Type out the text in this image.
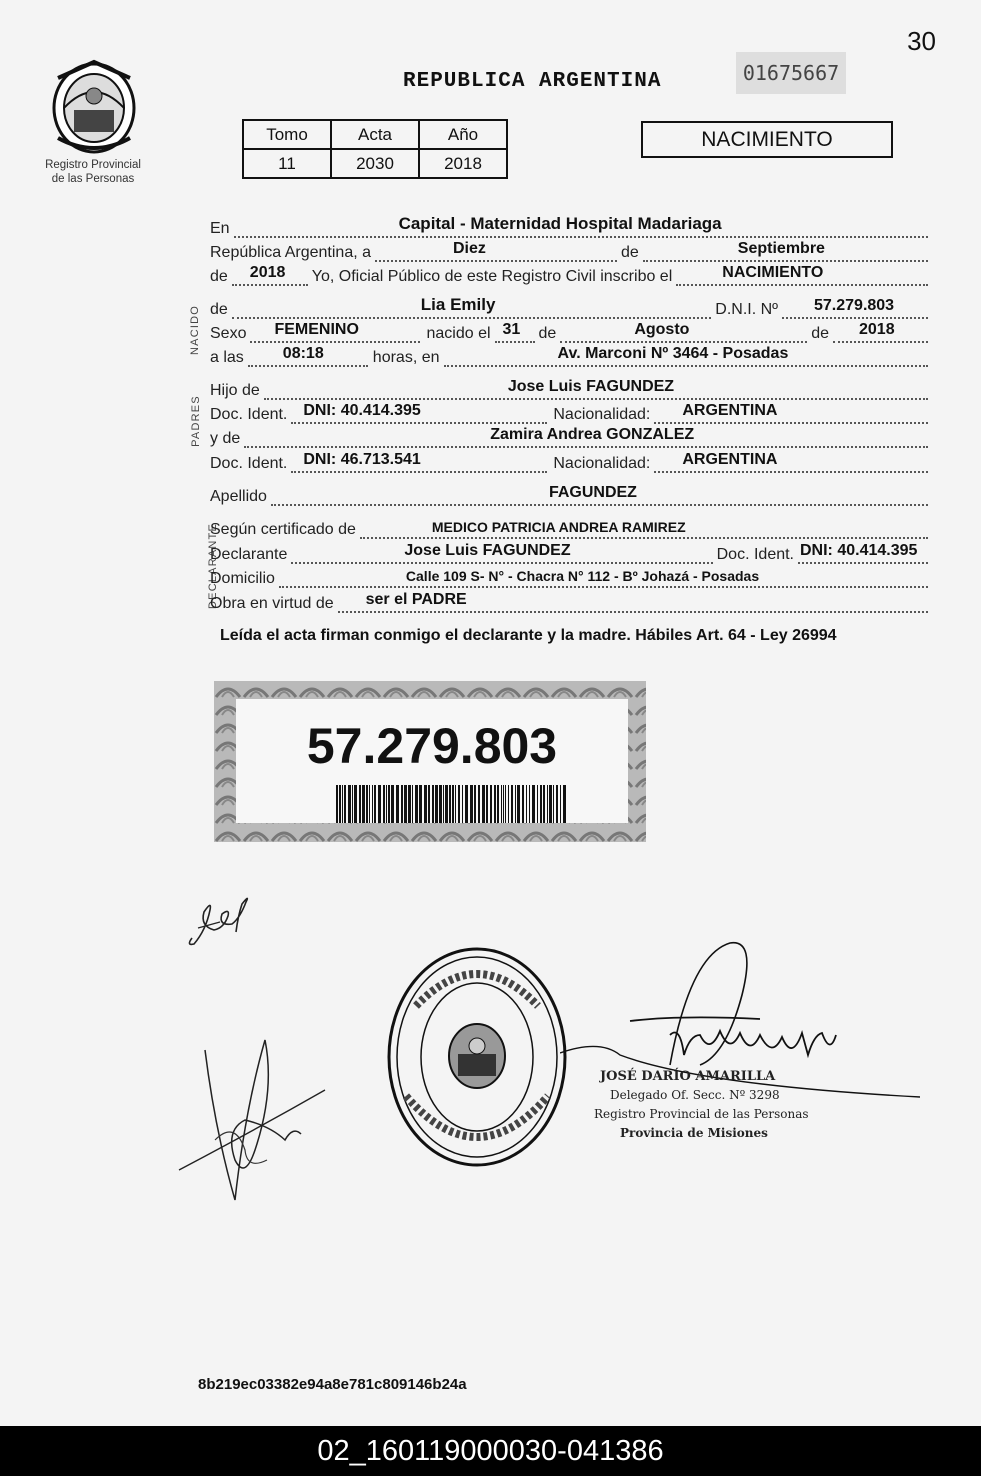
30
Registro Provincial
de las Personas
REPUBLICA ARGENTINA	01675667
Tomo	Acta	Año
11	2030	2018
NACIMIENTO
NACIDO
PADRES
DECLARANTE
En	Capital - Maternidad Hospital Madariaga
República Argentina, a	Diez	de	Septiembre
de 2018 Yo, Oficial Público de este Registro Civil inscribo el	NACIMIENTO
de	Lia Emily	D.N.I. Nº 57.279.803
Sexo FEMENINO	nacido el 31 de	Agosto	de 2018
a las 08:18	horas, en	Av. Marconi Nº 3464 - Posadas
Hijo de	Jose Luis FAGUNDEZ
Doc. Ident. DNI: 40.414.395	Nacionalidad: ARGENTINA
y de	Zamira Andrea GONZALEZ
Doc. Ident. DNI: 46.713.541	Nacionalidad: ARGENTINA
Apellido	FAGUNDEZ
Según certificado de	MEDICO PATRICIA ANDREA RAMIREZ
Declarante	Jose Luis FAGUNDEZ	Doc. Ident. DNI: 40.414.395
Domicilio	Calle 109 S- N° - Chacra N° 112 - Bº Johazá - Posadas
Obra en virtud de ser el PADRE
Leída el acta firman conmigo el declarante y la madre. Hábiles Art. 64 - Ley 26994
57.279.803
JOSÉ DARÍO AMARILLA
Delegado Of. Secc. Nº 3298
Registro Provincial de las Personas
Provincia de Misiones
8b219ec03382e94a8e781c809146b24a
02_160119000030-041386
